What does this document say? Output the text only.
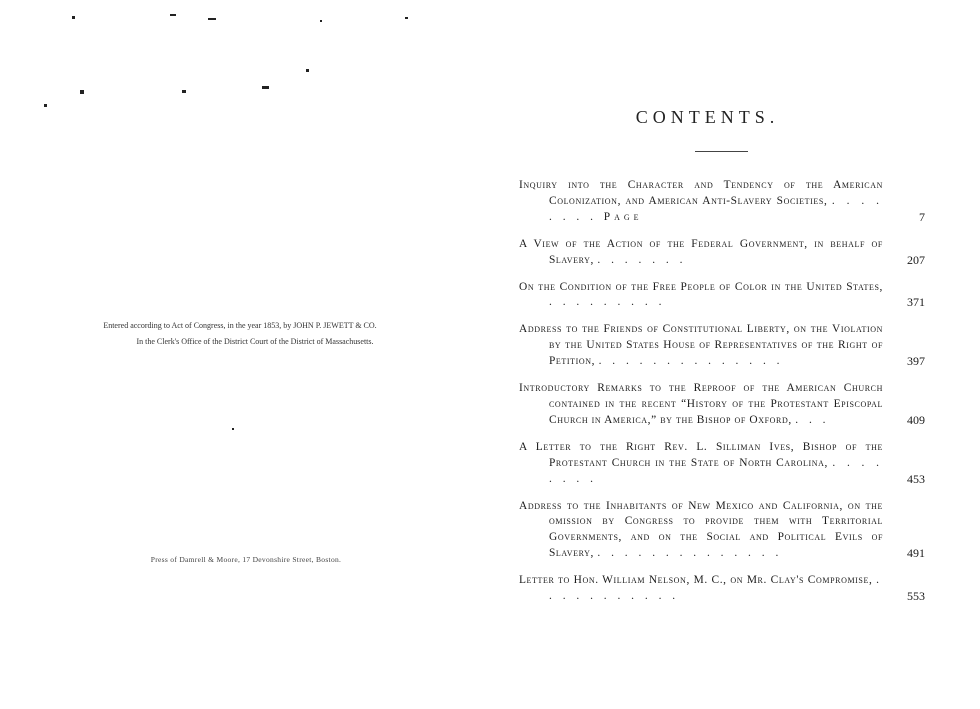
Entered according to Act of Congress, in the year 1853, by JOHN P. JEWETT & CO.
In the Clerk's Office of the District Court of the District of Massachusetts.
Press of Damrell & Moore, 17 Devonshire Street, Boston.
CONTENTS.
Inquiry into the Character and Tendency of the American Colonization, and American Anti-Slavery Societies, . . . . . . . . Page	7
A View of the Action of the Federal Government, in behalf of Slavery, . . . . . . .	207
On the Condition of the Free People of Color in the United States, . . . . . . . . .	371
Address to the Friends of Constitutional Liberty, on the Violation by the United States House of Representatives of the Right of Petition, . . . . . . . . . . . . . .	397
Introductory Remarks to the Reproof of the American Church contained in the recent “History of the Protestant Episcopal Church in America,” by the Bishop of Oxford, . . .	409
A Letter to the Right Rev. L. Silliman Ives, Bishop of the Protestant Church in the State of North Carolina, . . . . . . . .	453
Address to the Inhabitants of New Mexico and California, on the omission by Congress to provide them with Territorial Governments, and on the Social and Political Evils of Slavery, . . . . . . . . . . . . . .	491
Letter to Hon. William Nelson, M. C., on Mr. Clay's Compromise, . . . . . . . . . . .	553
